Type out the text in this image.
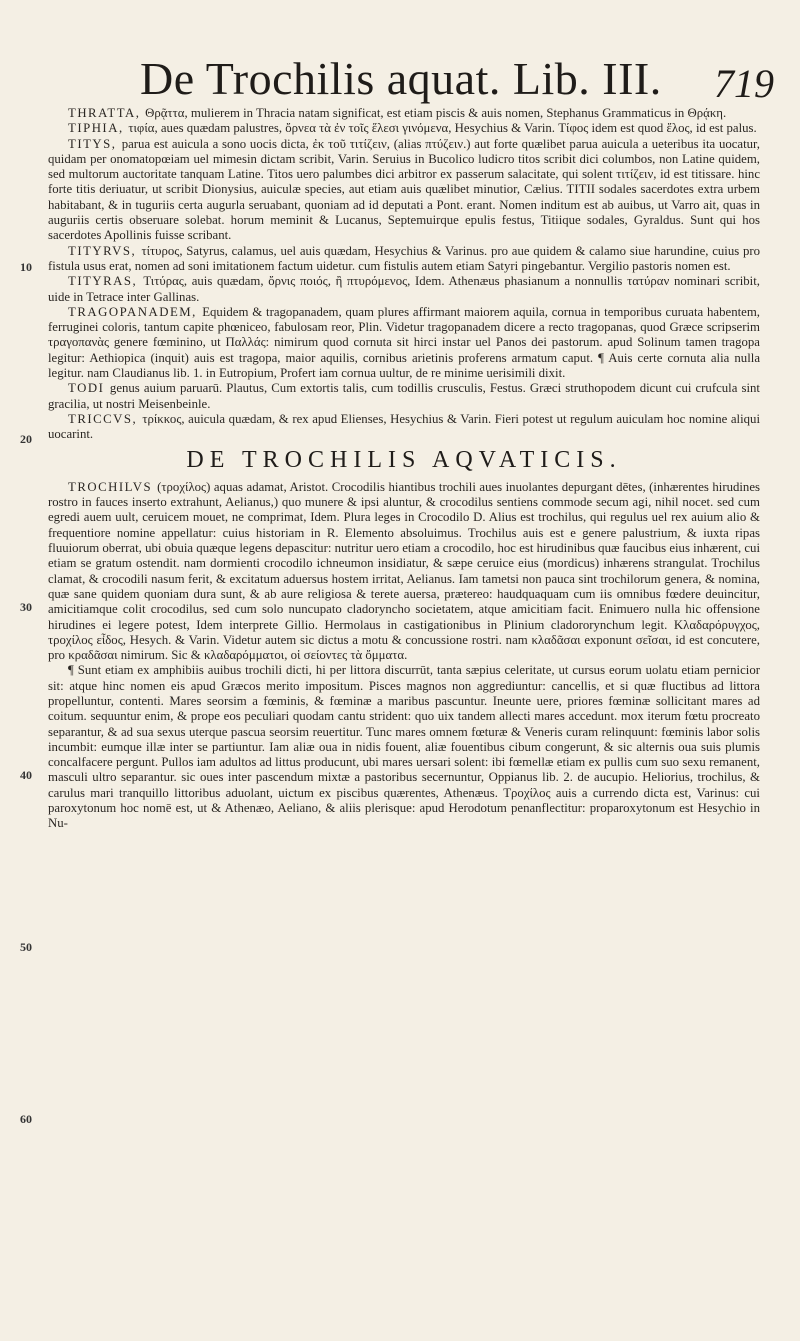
De Trochilis aquat. Lib. III. 719
10
20
30
40
50
60

THRATTA, Θρᾷττα, mulierem in Thracia natam significat, est etiam piscis & auis nomen, Stephanus Grammaticus in Θρᾴκη.

TIPHIA, τιφία, aues quædam palustres, ὄρνεα τὰ ἐν τοῖς ἕλεσι γινόμενα, Hesychius & Varin. Τίφος idem est quod ἕλος, id est palus.

TITYS, parua est auicula a sono uocis dicta, ἐκ τοῦ τιτίζειν, (alias πτύζειν.) aut forte quælibet parua auicula a ueteribus ita uocatur, quidam per onomatopœiam uel mimesin dictam scribit, Varin. Seruius in Bucolico ludicro titos scribit dici columbos, non Latine quidem, sed multorum auctoritate tanquam Latine. Titos uero palumbes dici arbitror ex passerum salacitate, qui solent τιτίζειν, id est titissare. hinc forte titis deriuatur, ut scribit Dionysius, auiculæ species, aut etiam auis quælibet minutior, Cælius. TITII sodales sacerdotes extra urbem habitabant, & in tuguriis certa augurla seruabant, quoniam ad id deputati a Pont. erant. Nomen inditum est ab auibus, ut Varro ait, quas in auguriis certis obseruare solebat. horum meminit & Lucanus, Septemuirque epulis festus, Titiique sodales, Gyraldus. Sunt qui hos sacerdotes Apollinis fuisse scribant.

TITYRVS, τίτυρος, Satyrus, calamus, uel auis quædam, Hesychius & Varinus. pro aue quidem & calamo siue harundine, cuius pro fistula usus erat, nomen ad soni imitationem factum uidetur. cum fistulis autem etiam Satyri pingebantur. Vergilio pastoris nomen est.

TITYRAS, Τιτύρας, auis quædam, ὄρνις ποιός, ἢ πτυρόμενος, Idem. Athenæus phasianum a nonnullis τατύραν nominari scribit, uide in Tetrace inter Gallinas.

TRAGOPANADEM, Equidem & tragopanadem, quam plures affirmant maiorem aquila, cornua in temporibus curuata habentem, ferruginei coloris, tantum capite phœniceo, fabulosam reor, Plin. Videtur tragopanadem dicere a recto tragopanas, quod Græce scripserim τραγοπανὰς genere fœminino, ut Παλλάς: nimirum quod cornuta sit hirci instar uel Panos dei pastorum. apud Solinum tamen tragopa legitur: Aethiopica (inquit) auis est tragopa, maior aquilis, cornibus arietinis proferens armatum caput. ¶ Auis certe cornuta alia nulla legitur. nam Claudianus lib. 1. in Eutropium, Profert iam cornua uultur, de re minime uerisimili dixit.

TODI genus auium paruarū. Plautus, Cum extortis talis, cum todillis crusculis, Festus. Græci struthopodem dicunt cui crufcula sint gracilia, ut nostri Meisenbeinle.

TRICCVS, τρίκκος, auicula quædam, & rex apud Elienses, Hesychius & Varin. Fieri potest ut regulum auiculam hoc nomine aliqui uocarint.

DE TROCHILIS AQVATICIS.

TROCHILVS (τροχίλος) aquas adamat, Aristot. Crocodilis hiantibus trochili aues inuolantes depurgant dētes, (inhærentes hirudines rostro in fauces inserto extrahunt, Aelianus,) quo munere & ipsi aluntur, & crocodilus sentiens commode secum agi, nihil nocet. sed cum egredi auem uult, ceruicem mouet, ne comprimat, Idem. Plura leges in Crocodilo D. Alius est trochilus, qui regulus uel rex auium alio & frequentiore nomine appellatur: cuius historiam in R. Elemento absoluimus. Trochilus auis est e genere palustrium, & iuxta ripas fluuiorum oberrat, ubi obuia quæque legens depascitur: nutritur uero etiam a crocodilo, hoc est hirudinibus quæ faucibus eius inhærent, cui etiam se gratum ostendit. nam dormienti crocodilo ichneumon insidiatur, & sæpe ceruice eius (mordicus) inhærens strangulat. Trochilus clamat, & crocodili nasum ferit, & excitatum aduersus hostem irritat, Aelianus. Iam tametsi non pauca sint trochilorum genera, & nomina, quæ sane quidem quoniam dura sunt, & ab aure religiosa & terete auersa, prætereo: haudquaquam cum iis omnibus fœdere deuincitur, amicitiamque colit crocodilus, sed cum solo nuncupato cladoryncho societatem, atque amicitiam facit. Enimuero nulla hic offensione hirudines ei legere potest, Idem interprete Gillio. Hermolaus in castigationibus in Plinium cladororynchum legit. Κλαδαρόρυγχος, τροχίλος εἶδος, Hesych. & Varin. Videtur autem sic dictus a motu & concussione rostri. nam κλαδᾶσαι exponunt σεῖσαι, id est concutere, pro κραδᾶσαι nimirum. Sic & κλαδαρόμματοι, οἱ σείοντες τὰ ὄμματα.

¶ Sunt etiam ex amphibiis auibus trochili dicti, hi per littora discurrūt, tanta sæpius celeritate, ut cursus eorum uolatu etiam pernicior sit: atque hinc nomen eis apud Græcos merito impositum. Pisces magnos non aggrediuntur: cancellis, et si quæ fluctibus ad littora propelluntur, contenti. Mares seorsim a fœminis, & fœminæ a maribus pascuntur. Ineunte uere, priores fœminæ sollicitant mares ad coitum. sequuntur enim, & prope eos peculiari quodam cantu strident: quo uix tandem allecti mares accedunt. mox iterum fœtu procreato separantur, & ad sua sexus uterque pascua seorsim reuertitur. Tunc mares omnem fœturæ & Veneris curam relinquunt: fœminis labor solis incumbit: eumque illæ inter se partiuntur. Iam aliæ oua in nidis fouent, aliæ fouentibus cibum congerunt, & sic alternis oua suis plumis concalfacere pergunt. Pullos iam adultos ad littus producunt, ubi mares uersari solent: ibi fœmellæ etiam ex pullis cum suo sexu remanent, masculi ultro separantur. sic oues inter pascendum mixtæ a pastoribus secernuntur, Oppianus lib. 2. de aucupio. Heliorius, trochilus, & carulus mari tranquillo littoribus aduolant, uictum ex piscibus quærentes, Athenæus. Τροχίλος auis a currendo dicta est, Varinus: cui paroxytonum hoc nomē est, ut & Athenæo, Aeliano, & aliis plerisque: apud Herodotum penanflectitur: proparoxytonum est Hesychio in Nu-
